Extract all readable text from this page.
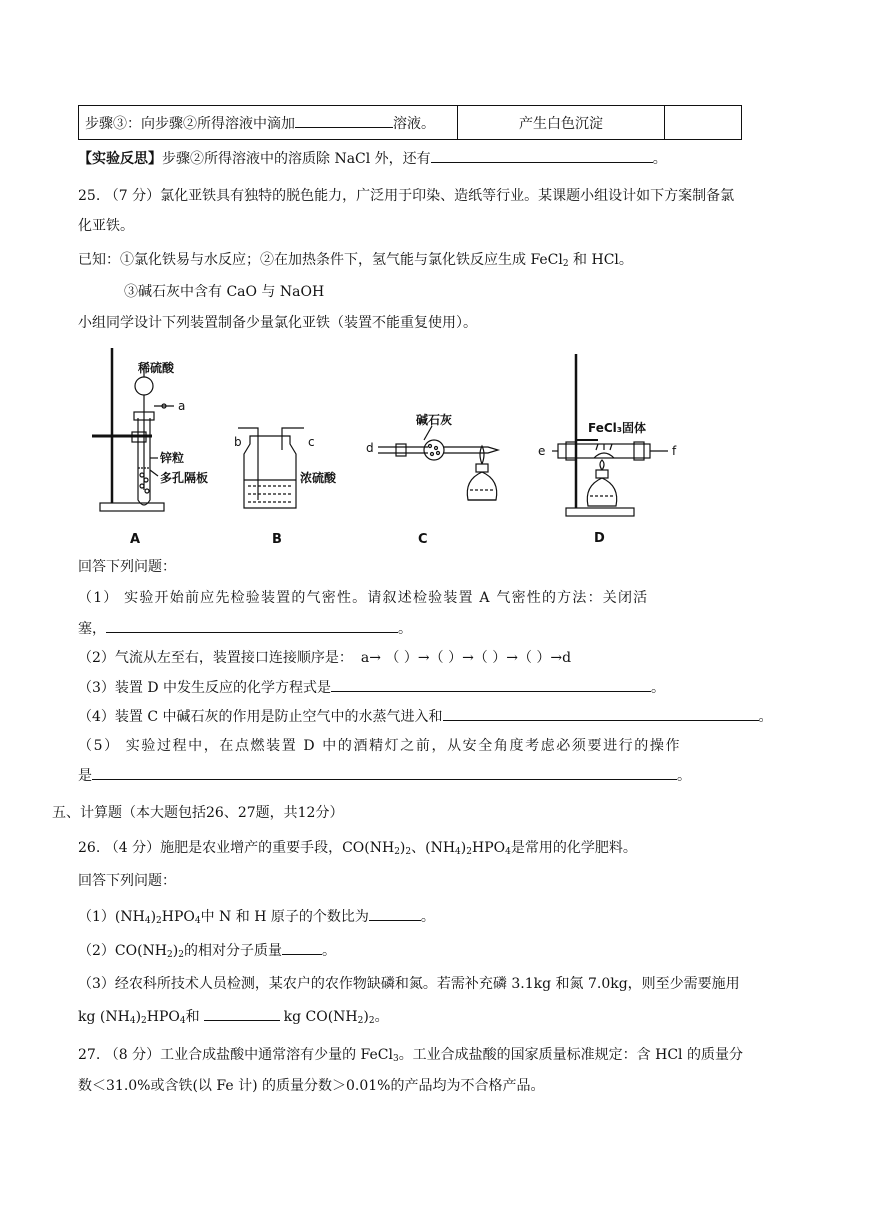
步骤③：向步骤②所得溶液中滴加	溶液。	产生白色沉淀	
【实验反思】步骤②所得溶液中的溶质除 NaCl 外，还有	。
25. （7 分）氯化亚铁具有独特的脱色能力，广泛用于印染、造纸等行业。某课题小组设计如下方案制备氯
化亚铁。
已知：①氯化铁易与水反应；②在加热条件下，氢气能与氯化铁反应生成 FeCl$_2$ 和 HCl。
③碱石灰中含有 CaO 与 NaOH
小组同学设计下列装置制备少量氯化亚铁（装置不能重复使用）。
稀硫酸
a
锌粒
多孔隔板
A
b	c
浓硫酸
B
d
碱石灰
C
FeCl₃固体
e	f
D
回答下列问题：
（1） 实验开始前应先检验装置的气密性。请叙述检验装置 A 气密性的方法：关闭活
塞，	。
（2）气流从左至右，装置接口连接顺序是： a→ （ ）→（ ）→（ ）→（ ）→d
（3）装置 D 中发生反应的化学方程式是	。
（4）装置 C 中碱石灰的作用是防止空气中的水蒸气进入和	。
（5） 实验过程中，在点燃装置 D 中的酒精灯之前，从安全角度考虑必须要进行的操作
是	。
五、计算题（本大题包括26、27题，共12分）
26. （4 分）施肥是农业增产的重要手段，$CO(NH_2)_2$、$(NH_4)_2HPO_4$是常用的化学肥料。
回答下列问题：
$(1)(NH_4)_2HPO_4$中 N 和 H 原子的个数比为	。
$(2)CO(NH_2)_2$的相对分子质量	。
（3）经农科所技术人员检测，某农户的农作物缺磷和氮。若需补充磷 3.1kg 和氮 7.0kg，则至少需要施用
kg $(NH_4)_2HPO_4$和	kg $CO(NH_2)_2$。
27. （8 分）工业合成盐酸中通常溶有少量的 FeCl$_3$。工业合成盐酸的国家质量标准规定：含 HCl 的质量分
数＜31.0%或含铁(以 Fe 计) 的质量分数＞0.01%的产品均为不合格产品。
